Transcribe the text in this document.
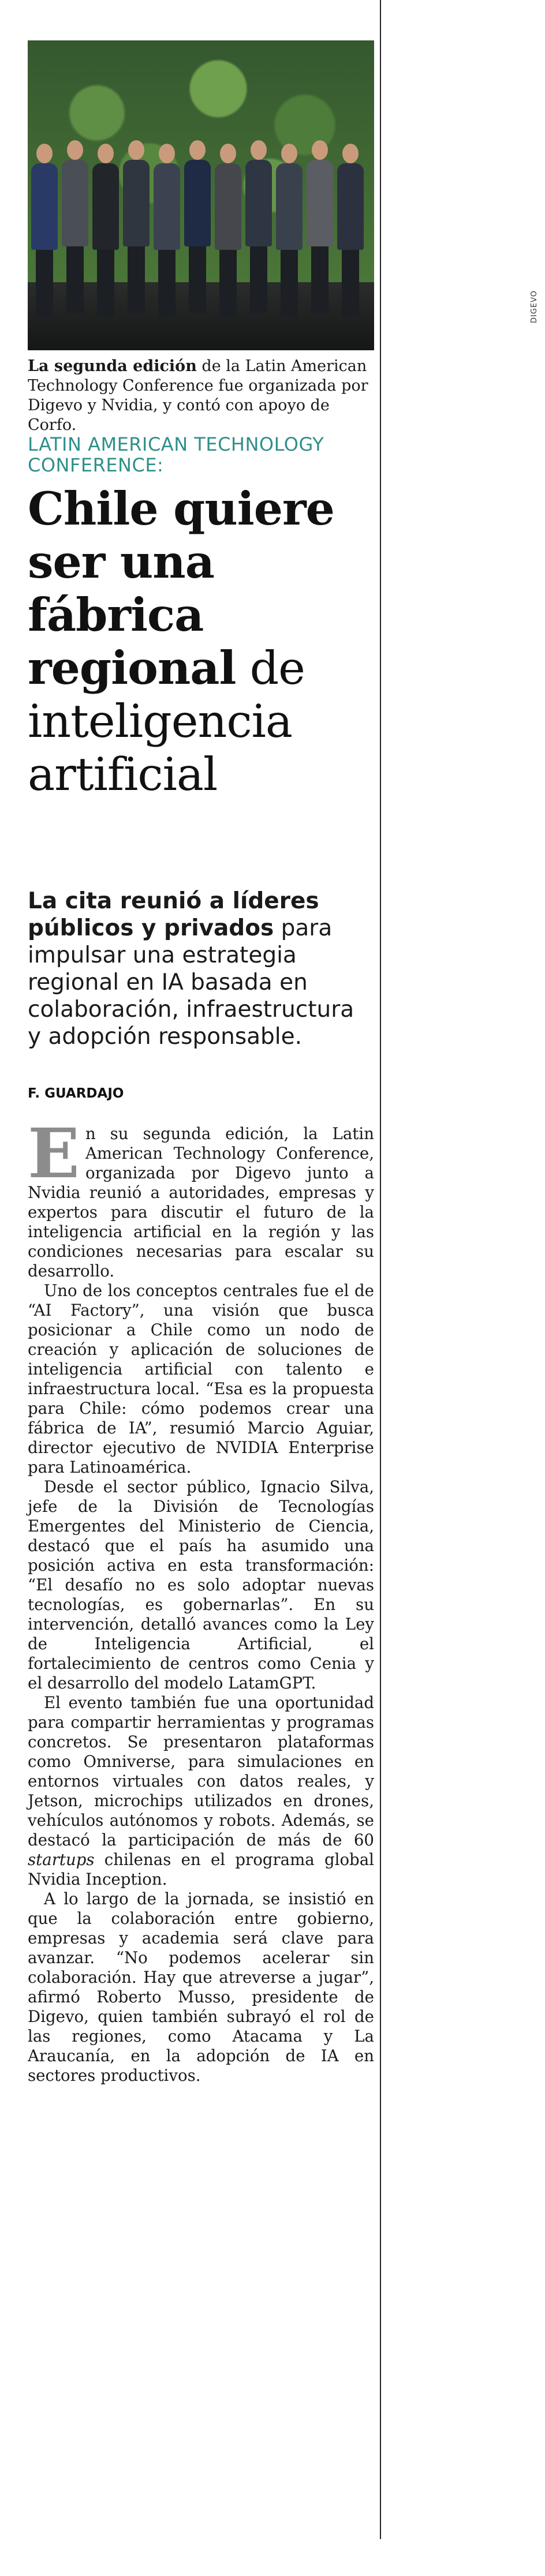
DIGEVO
La segunda edición de la Latin American Technology Conference fue organizada por Digevo y Nvidia, y contó con apoyo de Corfo.
LATIN AMERICAN TECHNOLOGY CONFERENCE:
Chile quiere ser una fábrica regional de inteligencia artificial
La cita reunió a líderes públicos y privados para impulsar una estrategia regional en IA basada en colaboración, infraestructura y adopción responsable.
F. GUARDAJO

En su segunda edición, la Latin American Technology Conference, organizada por Digevo junto a Nvidia reunió a autoridades, empresas y expertos para discutir el futuro de la inteligencia artificial en la región y las condiciones necesarias para escalar su desarrollo.

Uno de los conceptos centrales fue el de “AI Factory”, una visión que busca posicionar a Chile como un nodo de creación y aplicación de soluciones de inteligencia artificial con talento e infraestructura local. “Esa es la propuesta para Chile: cómo podemos crear una fábrica de IA”, resumió Marcio Aguiar, director ejecutivo de NVIDIA Enterprise para Latinoamérica.

Desde el sector público, Ignacio Silva, jefe de la División de Tecnologías Emergentes del Ministerio de Ciencia, destacó que el país ha asumido una posición activa en esta transformación: “El desafío no es solo adoptar nuevas tecnologías, es gobernarlas”. En su intervención, detalló avances como la Ley de Inteligencia Artificial, el fortalecimiento de centros como Cenia y el desarrollo del modelo LatamGPT.

El evento también fue una oportunidad para compartir herramientas y programas concretos. Se presentaron plataformas como Omniverse, para simulaciones en entornos virtuales con datos reales, y Jetson, microchips utilizados en drones, vehículos autónomos y robots. Además, se destacó la participación de más de 60 startups chilenas en el programa global Nvidia Inception.

A lo largo de la jornada, se insistió en que la colaboración entre gobierno, empresas y academia será clave para avanzar. “No podemos acelerar sin colaboración. Hay que atreverse a jugar”, afirmó Roberto Musso, presidente de Digevo, quien también subrayó el rol de las regiones, como Atacama y La Araucanía, en la adopción de IA en sectores productivos.
